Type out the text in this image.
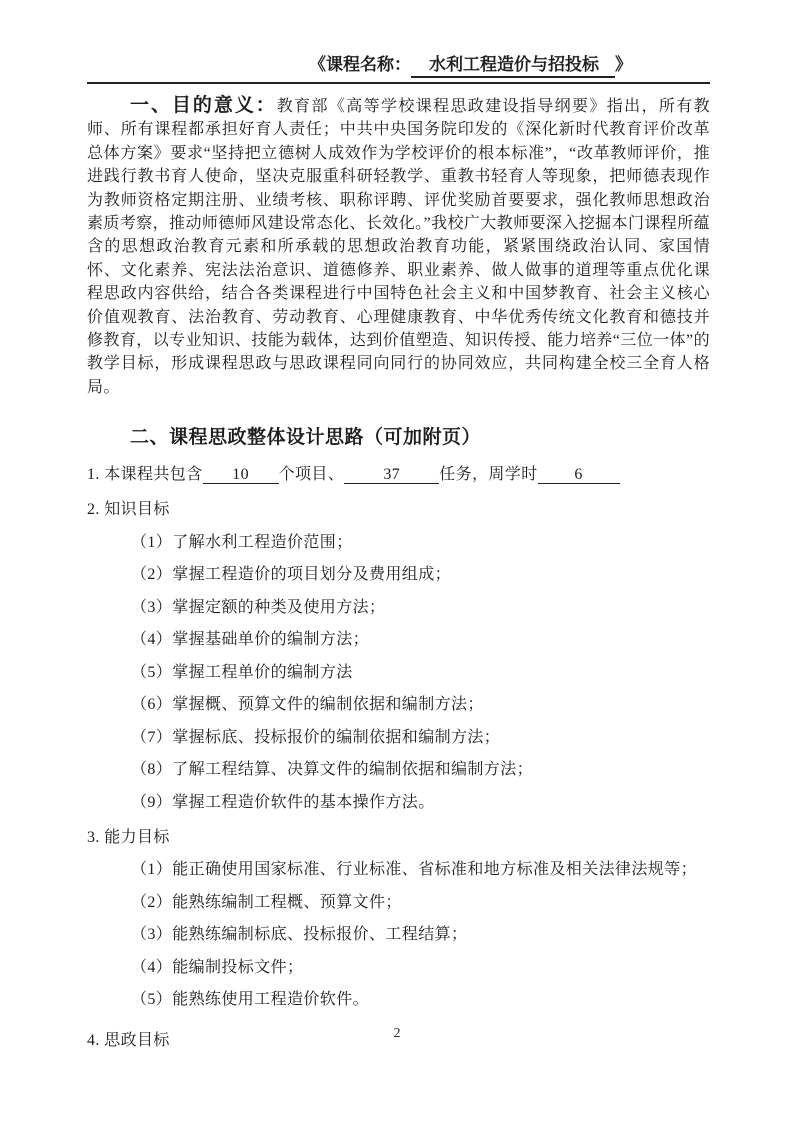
《课程名称： 水利工程造价与招投标 》

一、目的意义：教育部《高等学校课程思政建设指导纲要》指出，所有教师、所有课程都承担好育人责任；中共中央国务院印发的《深化新时代教育评价改革总体方案》要求“坚持把立德树人成效作为学校评价的根本标准”，“改革教师评价，推进践行教书育人使命，坚决克服重科研轻教学、重教书轻育人等现象，把师德表现作为教师资格定期注册、业绩考核、职称评聘、评优奖励首要要求，强化教师思想政治素质考察，推动师德师风建设常态化、长效化。”我校广大教师要深入挖掘本门课程所蕴含的思想政治教育元素和所承载的思想政治教育功能，紧紧围绕政治认同、家国情怀、文化素养、宪法法治意识、道德修养、职业素养、做人做事的道理等重点优化课程思政内容供给，结合各类课程进行中国特色社会主义和中国梦教育、社会主义核心价值观教育、法治教育、劳动教育、心理健康教育、中华优秀传统文化教育和德技并修教育，以专业知识、技能为载体，达到价值塑造、知识传授、能力培养“三位一体”的教学目标，形成课程思政与思政课程同向同行的协同效应，共同构建全校三全育人格局。

二、课程思政整体设计思路（可加附页）
1. 本课程共包含 10 个项目、 37 任务，周学时 6
2. 知识目标
（1）了解水利工程造价范围；
（2）掌握工程造价的项目划分及费用组成；
（3）掌握定额的种类及使用方法；
（4）掌握基础单价的编制方法；
（5）掌握工程单价的编制方法
（6）掌握概、预算文件的编制依据和编制方法；
（7）掌握标底、投标报价的编制依据和编制方法；
（8）了解工程结算、决算文件的编制依据和编制方法；
（9）掌握工程造价软件的基本操作方法。
3. 能力目标
（1）能正确使用国家标准、行业标准、省标准和地方标准及相关法律法规等；
（2）能熟练编制工程概、预算文件；
（3）能熟练编制标底、投标报价、工程结算；
（4）能编制投标文件；
（5）能熟练使用工程造价软件。
4. 思政目标	2
